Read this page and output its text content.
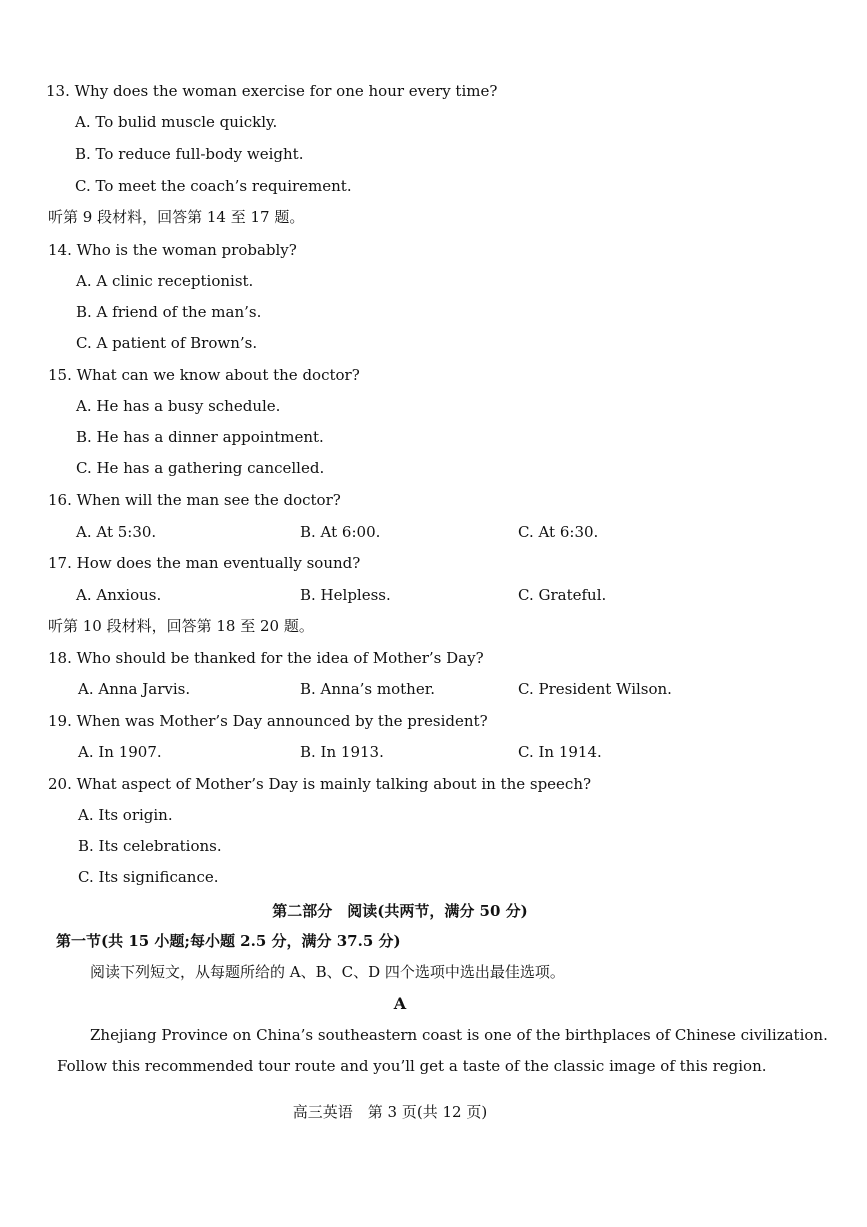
13. Why does the woman exercise for one hour every time?
A. To bulid muscle quickly.
B. To reduce full-body weight.
C. To meet the coach’s requirement.
听第 9 段材料，回答第 14 至 17 题。
14. Who is the woman probably?
A. A clinic receptionist.
B. A friend of the man’s.
C. A patient of Brown’s.
15. What can we know about the doctor?
A. He has a busy schedule.
B. He has a dinner appointment.
C. He has a gathering cancelled.
16. When will the man see the doctor?
A. At 5:30.	B. At 6:00.	C. At 6:30.
17. How does the man eventually sound?
A. Anxious.	B. Helpless.	C. Grateful.
听第 10 段材料，回答第 18 至 20 题。
18. Who should be thanked for the idea of Mother’s Day?
A. Anna Jarvis.	B. Anna’s mother.	C. President Wilson.
19. When was Mother’s Day announced by the president?
A. In 1907.	B. In 1913.	C. In 1914.
20. What aspect of Mother’s Day is mainly talking about in the speech?
A. Its origin.
B. Its celebrations.
C. Its significance.
第二部分　阅读(共两节，满分 50 分)
第一节(共 15 小题;每小题 2.5 分，满分 37.5 分)
阅读下列短文，从每题所给的 A、B、C、D 四个选项中选出最佳选项。
A
Zhejiang Province on China’s southeastern coast is one of the birthplaces of Chinese civilization.
Follow this recommended tour route and you’ll get a taste of the classic image of this region.
高三英语　第 3 页(共 12 页)
